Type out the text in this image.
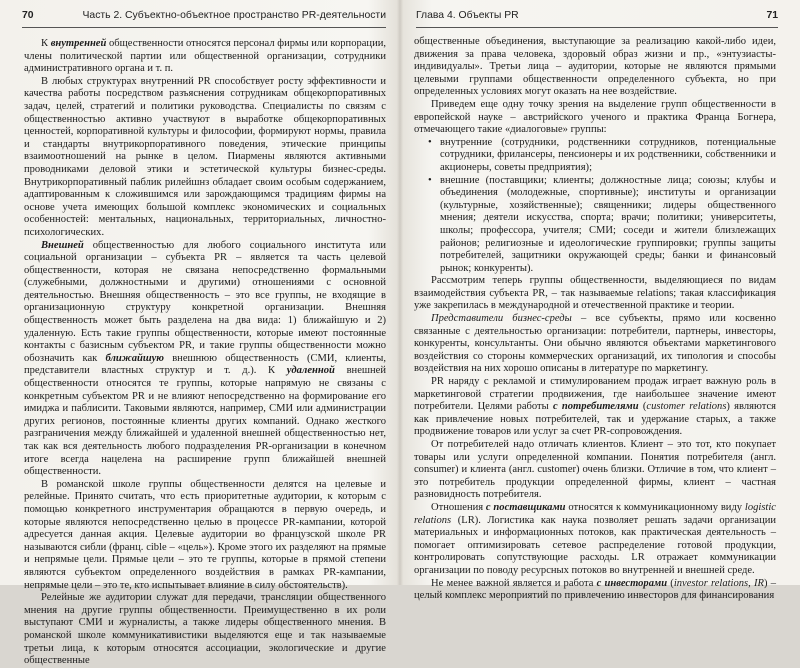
70	Часть 2. Субъектно-объектное пространство PR-деятельности

К внутренней общественности относятся персонал фирмы или корпорации, члены политической партии или общественной организации, сотрудники административного органа и т. п.

В любых структурах внутренний PR способствует росту эффективности и качества работы посредством разъяснения сотрудникам общекорпоративных задач, целей, стратегий и политики руководства. Специалисты по связям с общественностью активно участвуют в выработке общекорпоративных ценностей, корпоративной культуры и философии, формируют нормы, правила и стандарты внутрикорпоративного поведения, этические принципы взаимоотношений на рынке в целом. Пиармены являются активными проводниками деловой этики и эстетической культуры бизнес-среды. Внутрикорпоративный паблик рилейшнз обладает своим особым содержанием, адаптированным к сложившимся или зарождающимся традициям фирмы на основе учета имеющих большой комплекс экономических и социальных особенностей: ментальных, национальных, территориальных, личностно-психологических.

Внешней общественностью для любого социального института или социальной организации – субъекта PR – является та часть целевой общественности, которая не связана непосредственно формальными (служебными, должностными и другими) отношениями с основной деятельностью. Внешняя общественность – это все группы, не входящие в организационную структуру конкретной организации. Внешняя общественность может быть разделена на два вида: 1) ближайшую и 2) удаленную. Есть такие группы общественности, которые имеют постоянные контакты с базисным субъектом PR, и такие группы общественности можно обозначить как ближайшую внешнюю общественность (СМИ, клиенты, представители властных структур и т. д.). К удаленной внешней общественности относятся те группы, которые напрямую не связаны с конкретным субъектом PR и не влияют непосредственно на формирование его имиджа и паблисити. Таковыми являются, например, СМИ или администрации других регионов, постоянные клиенты других компаний. Однако жесткого разграничения между ближайшей и удаленной внешней общественностью нет, так как вся деятельность любого подразделения PR-организации в конечном итоге всегда нацелена на расширение групп ближайшей внешней общественности.

В романской школе группы общественности делятся на целевые и релейные. Принято считать, что есть приоритетные аудитории, к которым с помощью конкретного инструментария обращаются в первую очередь, и которые являются непосредственно целью в процессе PR-кампании, которой адресуется данная акция. Целевые аудитории во французской школе PR называются сибли (франц. cible – «цель»). Кроме этого их разделяют на прямые и непрямые цели. Прямые цели – это те группы, которые в прямой степени являются субъектом определенного воздействия в рамках PR-кампании, непрямые цели – это те, кто испытывает влияние в силу обстоятельств).

Релейные же аудитории служат для передачи, трансляции общественного мнения на другие группы общественности. Преимущественно в их роли выступают СМИ и журналисты, а также лидеры общественного мнения. В романской школе коммуникативистики выделяются еще и так называемые третьи лица, к которым относятся ассоциации, экологические и другие общественные

Глава 4. Объекты PR	71

общественные объединения, выступающие за реализацию какой-либо идеи, движения за права человека, здоровый образ жизни и пр., «энтузиасты-индивидуалы». Третьи лица – аудитории, которые не являются прямыми целевыми группами общественности определенного субъекта, но при определенных условиях могут оказать на нее воздействие.

Приведем еще одну точку зрения на выделение групп общественности в европейской науке – австрийского ученого и практика Франца Богнера, отмечающего такие «диалоговые» группы:

• внутренние (сотрудники, родственники сотрудников, потенциальные сотрудники, фрилансеры, пенсионеры и их родственники, собственники и акционеры, советы предприятия);
• внешние (поставщики; клиенты; должностные лица; союзы; клубы и объединения (молодежные, спортивные); институты и организации (культурные, хозяйственные); священники; лидеры общественного мнения; деятели искусства, спорта; врачи; политики; университеты, школы; профессора, учителя; СМИ; соседи и жители близлежащих районов; религиозные и идеологические группировки; группы защиты потребителей, защитники окружающей среды; банки и финансовый рынок; конкуренты).

Рассмотрим теперь группы общественности, выделяющиеся по видам взаимодействия субъекта PR, – так называемые relations; такая классификация уже закрепилась в международной и отечественной практике и теории.

Представители бизнес-среды – все субъекты, прямо или косвенно связанные с деятельностью организации: потребители, партнеры, инвесторы, конкуренты, консультанты. Они обычно являются объектами маркетингового воздействия со стороны коммерческих организаций, их типология и способы воздействия на них хорошо описаны в литературе по маркетингу.

PR наряду с рекламой и стимулированием продаж играет важную роль в маркетинговой стратегии продвижения, где наибольшее значение имеют потребители. Целями работы с потребителями (customer relations) являются как привлечение новых потребителей, так и удержание старых, а также продвижение товаров или услуг за счет PR-сопровождения.

От потребителей надо отличать клиентов. Клиент – это тот, кто покупает товары или услуги определенной компании. Понятия потребителя (англ. consumer) и клиента (англ. customer) очень близки. Отличие в том, что клиент – это потребитель продукции определенной фирмы, клиент – частная разновидность потребителя.

Отношения с поставщиками относятся к коммуникационному виду logistic relations (LR). Логистика как наука позволяет решать задачи организации материальных и информационных потоков, как практическая деятельность – помогает оптимизировать сетевое распределение готовой продукции, контролировать сопутствующие расходы. LR отражает коммуникации организации по поводу ресурсных потоков во внутренней и внешней среде.

Не менее важной является и работа с инвесторами (investor relations, IR) – целый комплекс мероприятий по привлечению инвесторов для финансирования
